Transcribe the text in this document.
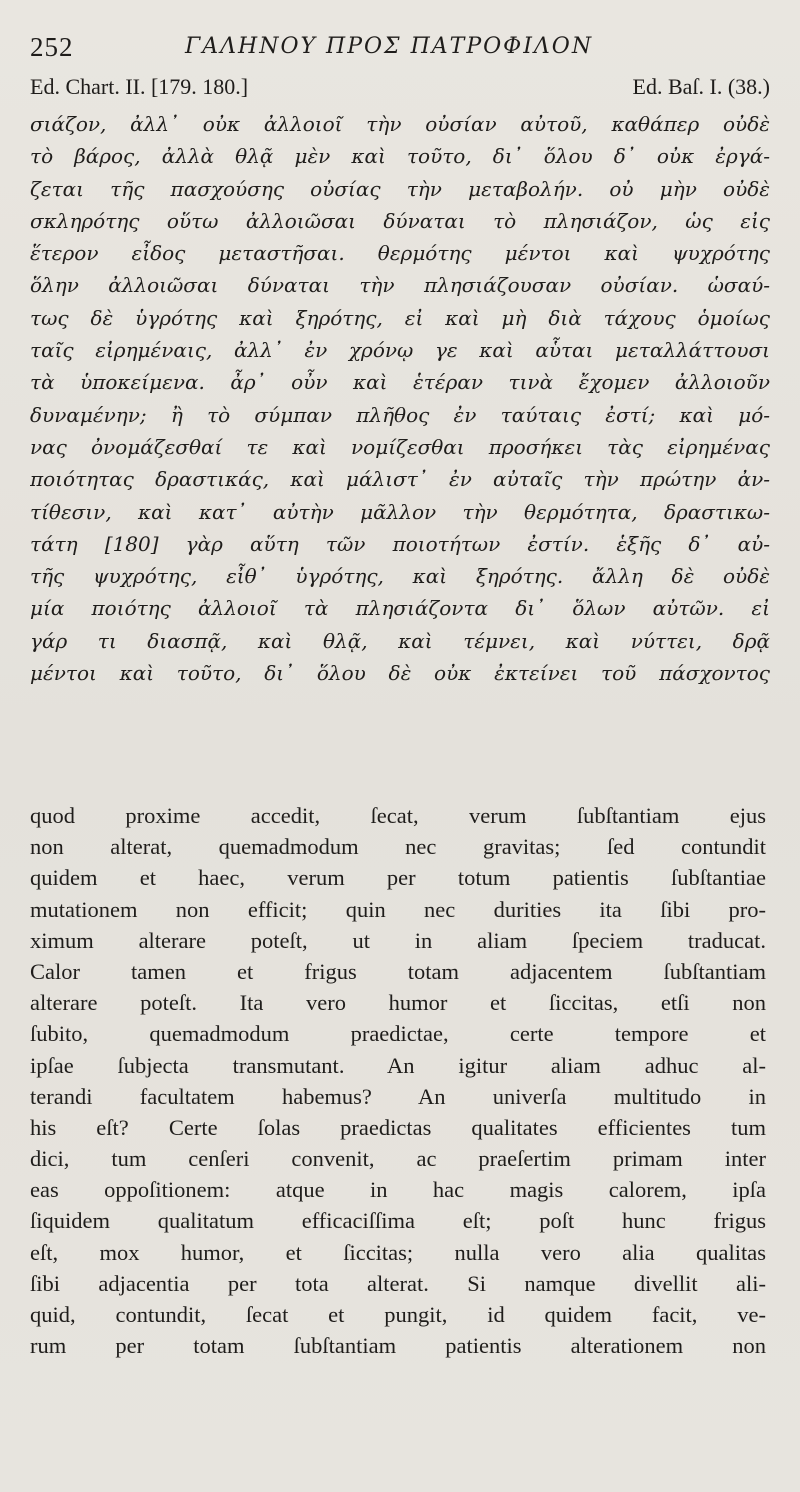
252	ΓΑΛΗΝΟΥ ΠΡΟΣ ΠΑΤΡΟΦΙΛΟΝ
Ed. Chart. II. [179. 180.]	Ed. Baſ. I. (38.)
σιάζον, ἀλλ᾽ οὐκ ἀλλοιοῖ τὴν οὐσίαν αὐτοῦ, καθάπερ οὐδὲ
τὸ βάρος, ἀλλὰ θλᾷ μὲν καὶ τοῦτο, δι᾽ ὅλου δ᾽ οὐκ ἐργά-
ζεται τῆς πασχούσης οὐσίας τὴν μεταβολήν. οὐ μὴν οὐδὲ
σκληρότης οὕτω ἀλλοιῶσαι δύναται τὸ πλησιάζον, ὡς εἰς
ἕτερον εἶδος μεταστῆσαι. θερμότης μέντοι καὶ ψυχρότης
ὅλην ἀλλοιῶσαι δύναται τὴν πλησιάζουσαν οὐσίαν. ὡσαύ-
τως δὲ ὑγρότης καὶ ξηρότης, εἰ καὶ μὴ διὰ τάχους ὁμοίως
ταῖς εἰρημέναις, ἀλλ᾽ ἐν χρόνῳ γε καὶ αὗται μεταλλάττουσι
τὰ ὑποκείμενα. ἆρ᾽ οὖν καὶ ἑτέραν τινὰ ἔχομεν ἀλλοιοῦν
δυναμένην; ἢ τὸ σύμπαν πλῆθος ἐν ταύταις ἐστί; καὶ μό-
νας ὀνομάζεσθαί τε καὶ νομίζεσθαι προσήκει τὰς εἰρημένας
ποιότητας δραστικάς, καὶ μάλιστ᾽ ἐν αὐταῖς τὴν πρώτην ἀν-
τίθεσιν, καὶ κατ᾽ αὐτὴν μᾶλλον τὴν θερμότητα, δραστικω-
τάτη [180] γὰρ αὕτη τῶν ποιοτήτων ἐστίν. ἑξῆς δ᾽ αὐ-
τῆς ψυχρότης, εἶθ᾽ ὑγρότης, καὶ ξηρότης. ἄλλη δὲ οὐδὲ
μία ποιότης ἀλλοιοῖ τὰ πλησιάζοντα δι᾽ ὅλων αὐτῶν. εἰ
γάρ τι διασπᾷ, καὶ θλᾷ, καὶ τέμνει, καὶ νύττει, δρᾷ
μέντοι καὶ τοῦτο, δι᾽ ὅλου δὲ οὐκ ἐκτείνει τοῦ πάσχοντος
quod proxime accedit, ſecat, verum ſubſtantiam ejus
non alterat, quemadmodum nec gravitas; ſed contundit
quidem et haec, verum per totum patientis ſubſtantiae
mutationem non efficit; quin nec durities ita ſibi pro-
ximum alterare poteſt, ut in aliam ſpeciem traducat.
Calor tamen et frigus totam adjacentem ſubſtantiam
alterare poteſt. Ita vero humor et ſiccitas, etſi non
ſubito, quemadmodum praedictae, certe tempore et
ipſae ſubjecta transmutant. An igitur aliam adhuc al-
terandi facultatem habemus? An univerſa multitudo in
his eſt? Certe ſolas praedictas qualitates efficientes tum
dici, tum cenſeri convenit, ac praeſertim primam inter
eas oppoſitionem: atque in hac magis calorem, ipſa
ſiquidem qualitatum efficaciſſima eſt; poſt hunc frigus
eſt, mox humor, et ſiccitas; nulla vero alia qualitas
ſibi adjacentia per tota alterat. Si namque divellit ali-
quid, contundit, ſecat et pungit, id quidem facit, ve-
rum per totam ſubſtantiam patientis alterationem non
